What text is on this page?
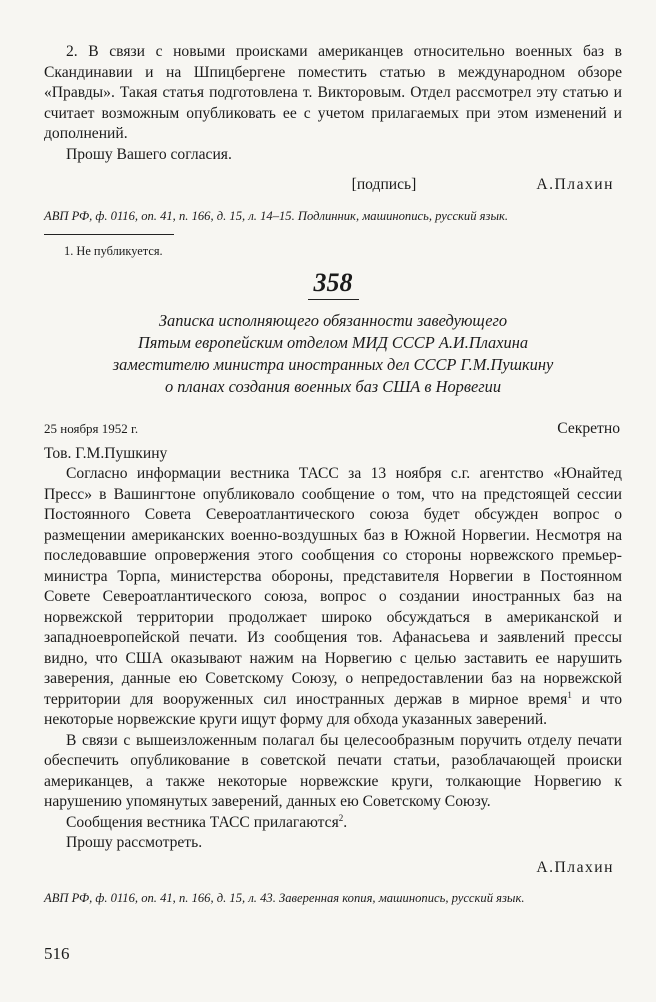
2. В связи с новыми происками американцев относительно военных баз в Скандинавии и на Шпицбергене поместить статью в международном обзоре «Правды». Такая статья подготовлена т. Викторовым. Отдел рассмотрел эту статью и считает возможным опубликовать ее с учетом прилагаемых при этом изменений и дополнений.

Прошу Вашего согласия.

[подпись]	А.Плахин

АВП РФ, ф. 0116, оп. 41, п. 166, д. 15, л. 14–15. Подлинник, машинопись, русский язык.

1. Не публикуется.

358
Записка исполняющего обязанности заведующего
Пятым европейским отделом МИД СССР А.И.Плахина
заместителю министра иностранных дел СССР Г.М.Пушкину
о планах создания военных баз США в Норвегии
25 ноября 1952 г.	Секретно
Тов. Г.М.Пушкину

Согласно информации вестника ТАСС за 13 ноября с.г. агентство «Юнайтед Пресс» в Вашингтоне опубликовало сообщение о том, что на предстоящей сессии Постоянного Совета Североатлантического союза будет обсужден вопрос о размещении американских военно-воздушных баз в Южной Норвегии. Несмотря на последовавшие опровержения этого сообщения со стороны норвежского премьер-министра Торпа, министерства обороны, представителя Норвегии в Постоянном Совете Североатлантического союза, вопрос о создании иностранных баз на норвежской территории продолжает широко обсуждаться в американской и западноевропейской печати. Из сообщения тов. Афанасьева и заявлений прессы видно, что США оказывают нажим на Норвегию с целью заставить ее нарушить заверения, данные ею Советскому Союзу, о непредоставлении баз на норвежской территории для вооруженных сил иностранных держав в мирное время$^1$ и что некоторые норвежские круги ищут форму для обхода указанных заверений.

В связи с вышеизложенным полагал бы целесообразным поручить отделу печати обеспечить опубликование в советской печати статьи, разоблачающей происки американцев, а также некоторые норвежские круги, толкающие Норвегию к нарушению упомянутых заверений, данных ею Советскому Союзу.

Сообщения вестника ТАСС прилагаются$^2$.

Прошу рассмотреть.

А.Плахин

АВП РФ, ф. 0116, оп. 41, п. 166, д. 15, л. 43. Заверенная копия, машинопись, русский язык.

516
